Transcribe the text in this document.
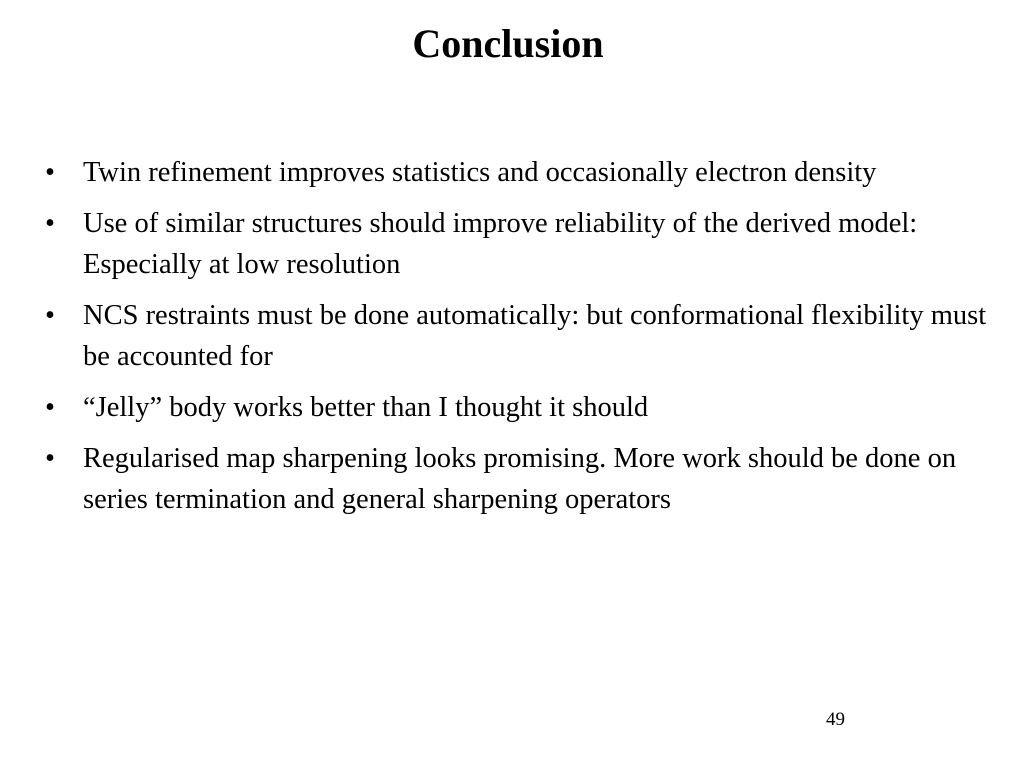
Conclusion
• Twin refinement improves statistics and occasionally electron density
• Use of similar structures should improve reliability of the derived model: Especially at low resolution
• NCS restraints must be done automatically: but conformational flexibility must be accounted for
• “Jelly” body works better than I thought it should
• Regularised map sharpening looks promising. More work should be done on series termination and general sharpening operators
49
